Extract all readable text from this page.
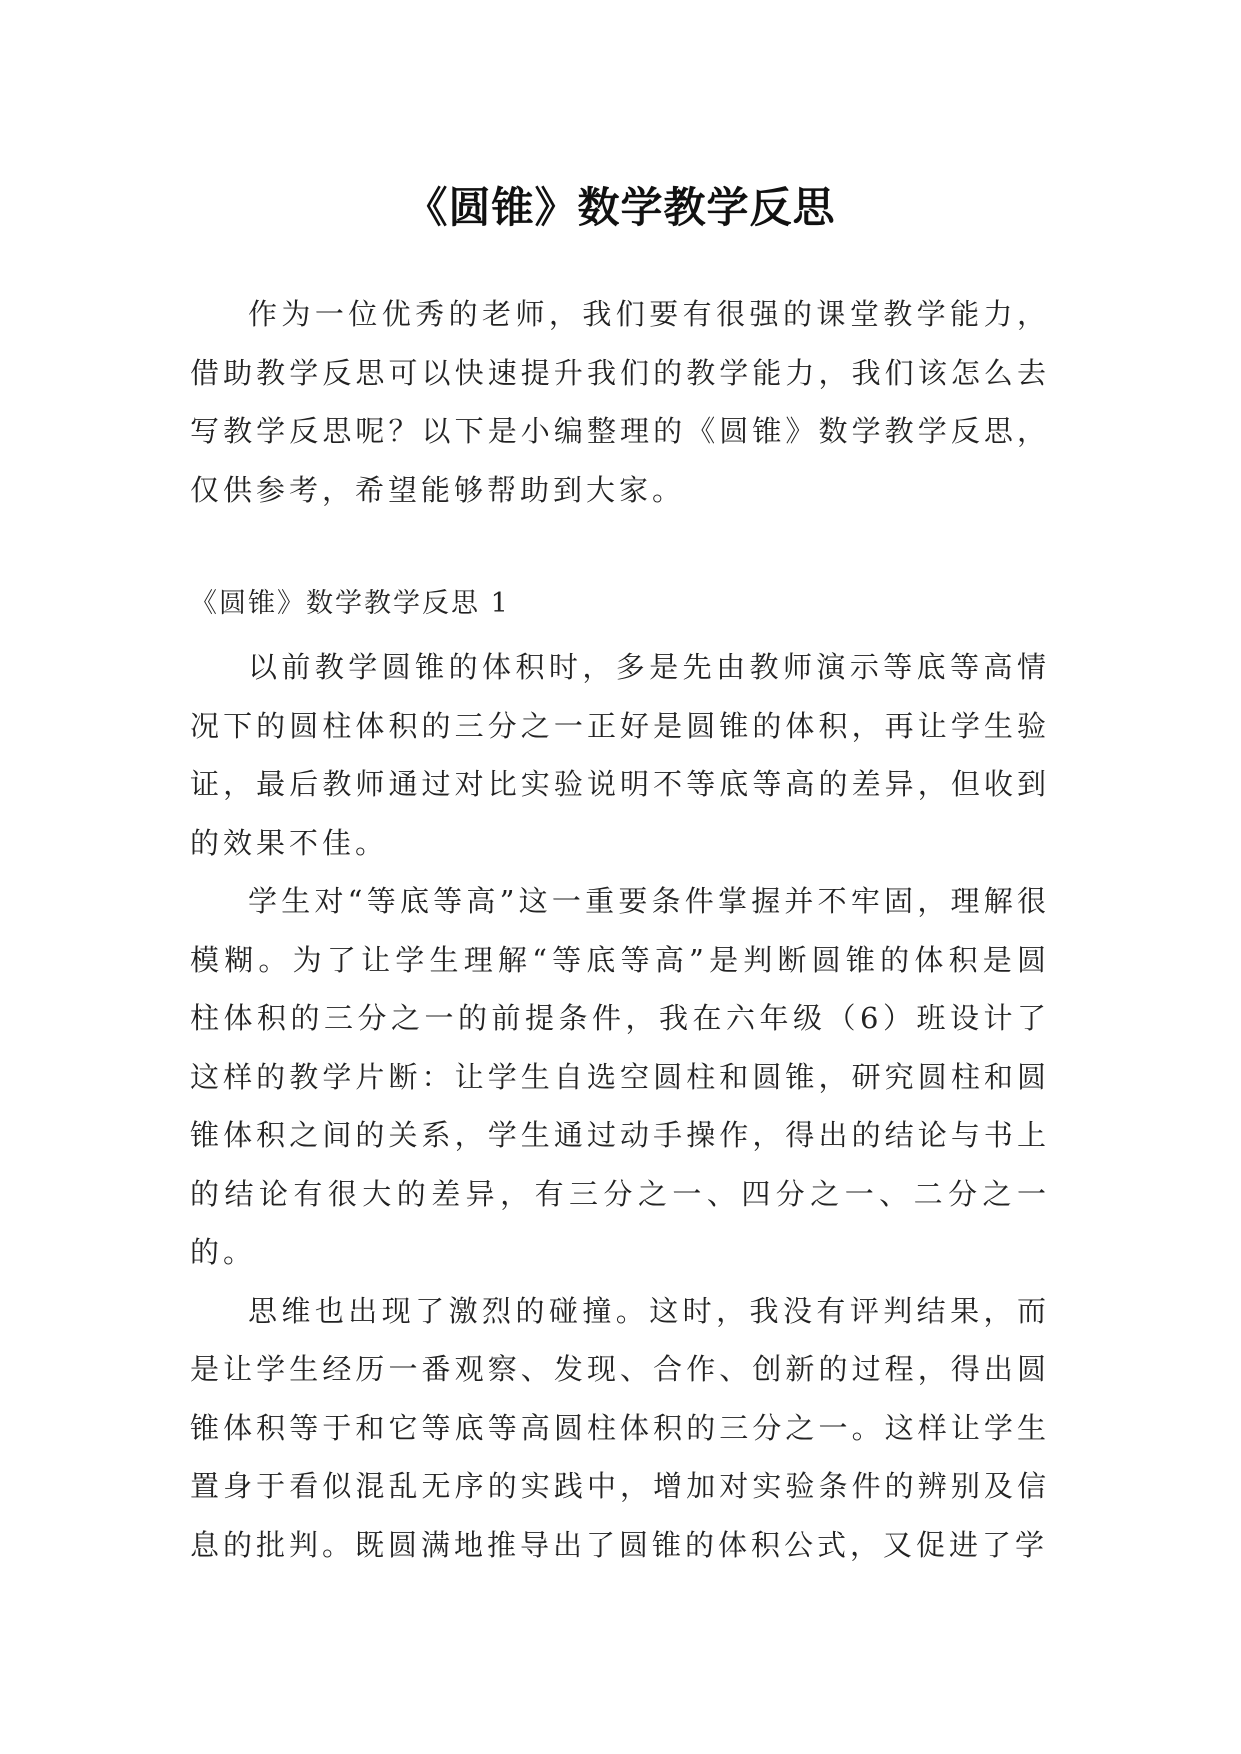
《圆锥》数学教学反思

作为一位优秀的老师，我们要有很强的课堂教学能力，借助教学反思可以快速提升我们的教学能力，我们该怎么去写教学反思呢？以下是小编整理的《圆锥》数学教学反思，仅供参考，希望能够帮助到大家。

《圆锥》数学教学反思 1

以前教学圆锥的体积时，多是先由教师演示等底等高情况下的圆柱体积的三分之一正好是圆锥的体积，再让学生验证，最后教师通过对比实验说明不等底等高的差异，但收到的效果不佳。

学生对“等底等高”这一重要条件掌握并不牢固，理解很模糊。为了让学生理解“等底等高”是判断圆锥的体积是圆柱体积的三分之一的前提条件，我在六年级（6）班设计了这样的教学片断：让学生自选空圆柱和圆锥，研究圆柱和圆锥体积之间的关系，学生通过动手操作，得出的结论与书上的结论有很大的差异，有三分之一、四分之一、二分之一的。

思维也出现了激烈的碰撞。这时，我没有评判结果，而是让学生经历一番观察、发现、合作、创新的过程，得出圆锥体积等于和它等底等高圆柱体积的三分之一。这样让学生置身于看似混乱无序的实践中，增加对实验条件的辨别及信息的批判。既圆满地推导出了圆锥的体积公式，又促进了学
